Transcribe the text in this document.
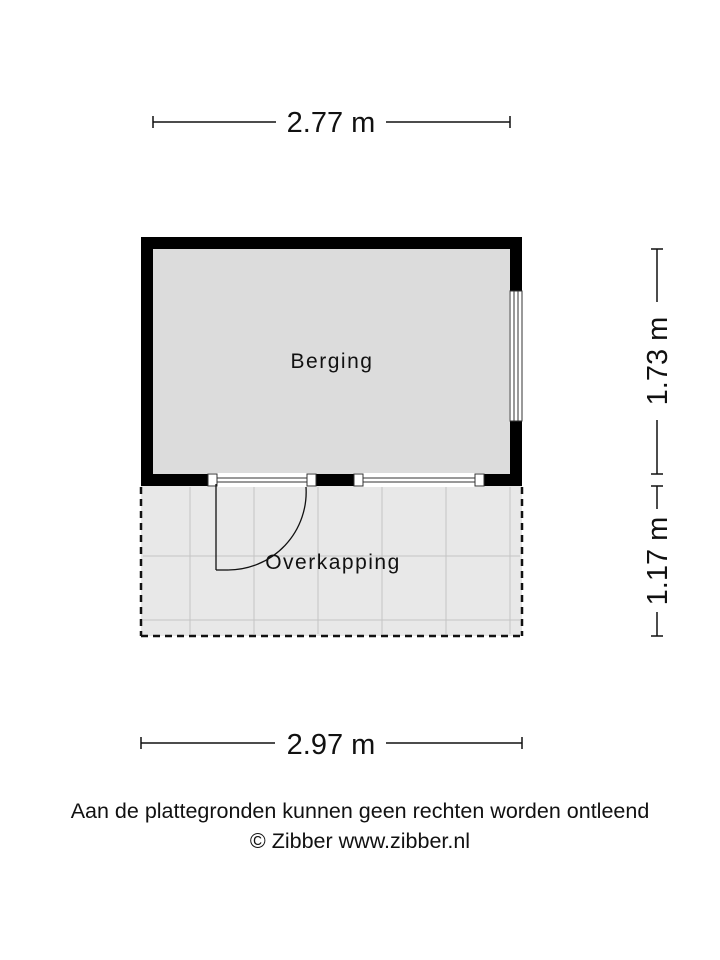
2.77 m
Berging
Overkapping
1.73 m
1.17 m
2.97 m
Aan de plattegronden kunnen geen rechten worden ontleend
© Zibber www.zibber.nl
